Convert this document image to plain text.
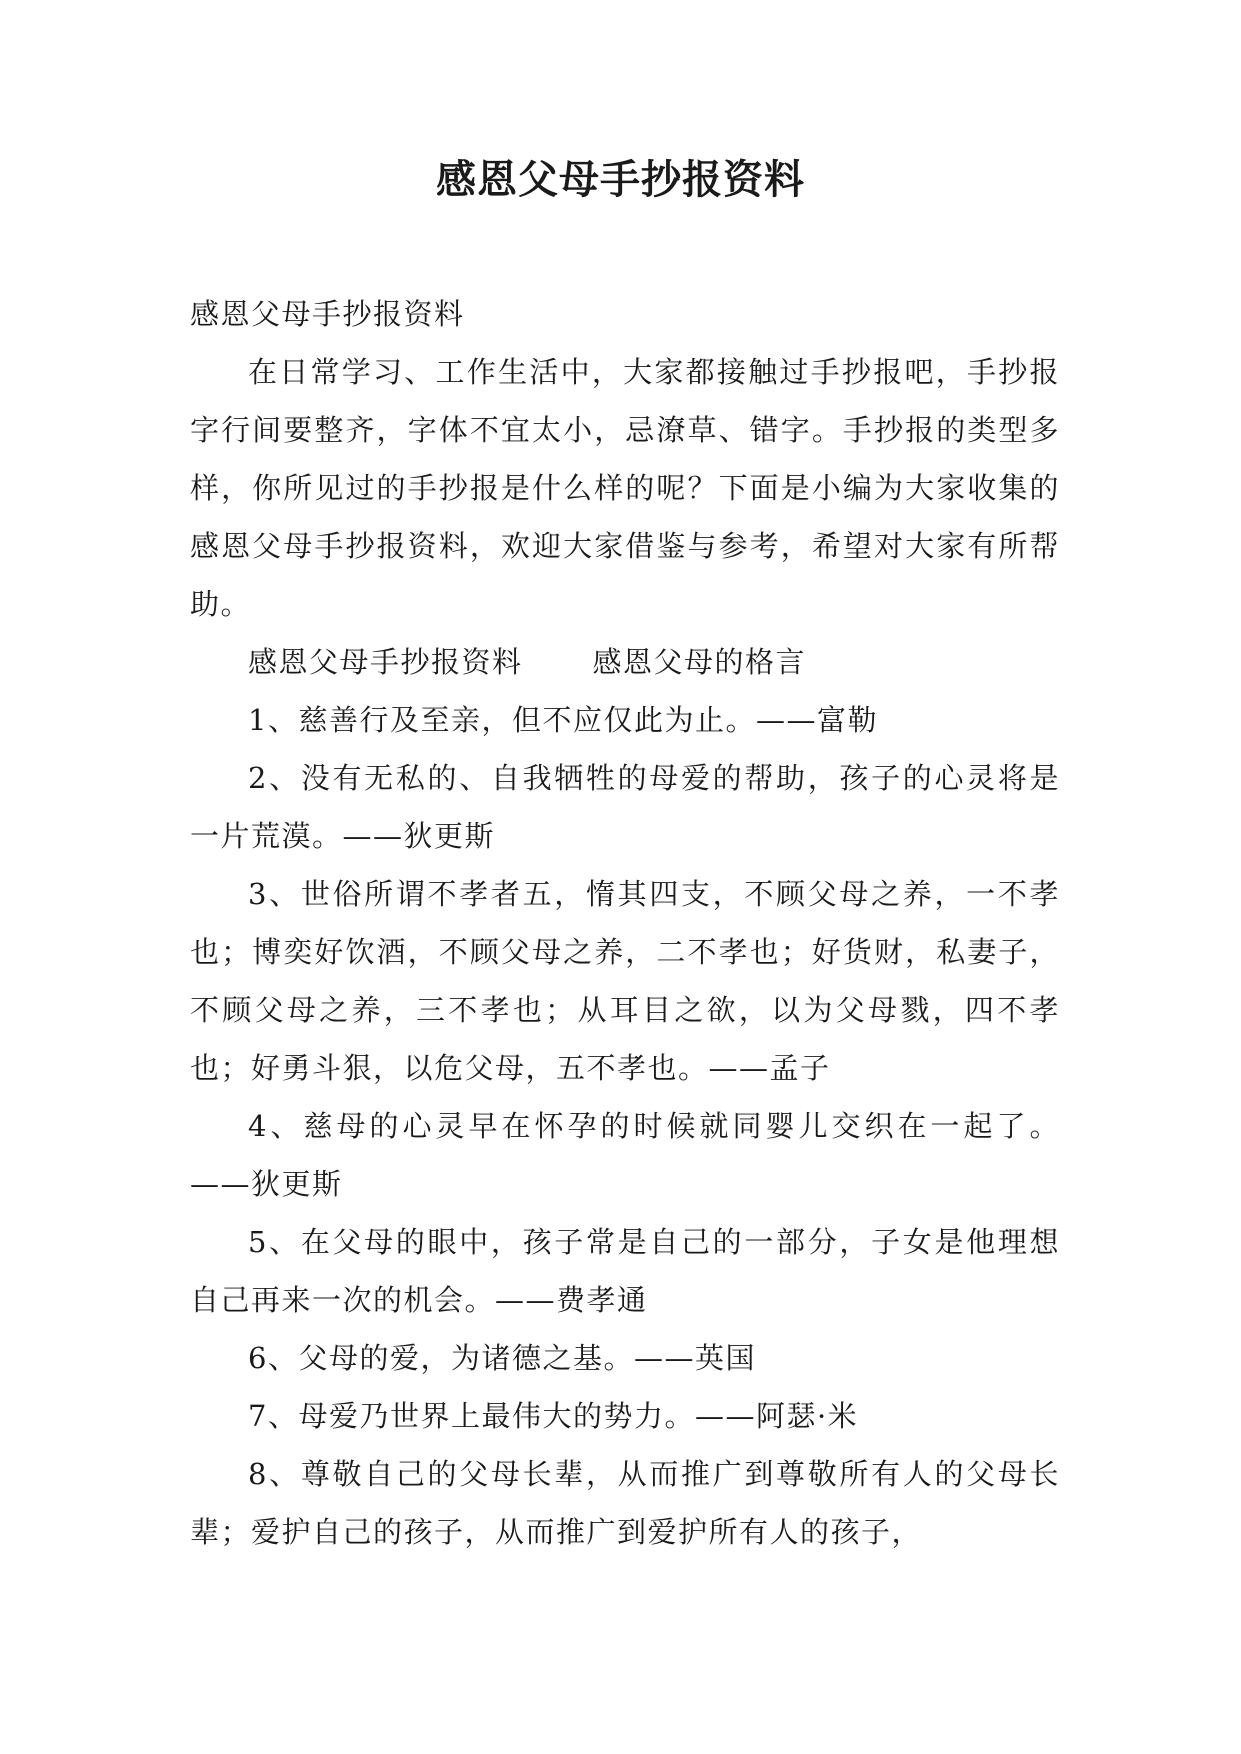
感恩父母手抄报资料

感恩父母手抄报资料

在日常学习、工作生活中，大家都接触过手抄报吧，手抄报字行间要整齐，字体不宜太小，忌潦草、错字。手抄报的类型多样，你所见过的手抄报是什么样的呢？下面是小编为大家收集的感恩父母手抄报资料，欢迎大家借鉴与参考，希望对大家有所帮助。

感恩父母手抄报资料 感恩父母的格言

1、慈善行及至亲，但不应仅此为止。——富勒

2、没有无私的、自我牺牲的母爱的帮助，孩子的心灵将是一片荒漠。——狄更斯

3、世俗所谓不孝者五，惰其四支，不顾父母之养，一不孝也；博奕好饮酒，不顾父母之养，二不孝也；好货财，私妻子，不顾父母之养，三不孝也；从耳目之欲，以为父母戮，四不孝也；好勇斗狠，以危父母，五不孝也。——孟子

4、慈母的心灵早在怀孕的时候就同婴儿交织在一起了。——狄更斯

5、在父母的眼中，孩子常是自己的一部分，子女是他理想自己再来一次的机会。——费孝通

6、父母的爱，为诸德之基。——英国

7、母爱乃世界上最伟大的势力。——阿瑟·米

8、尊敬自己的父母长辈，从而推广到尊敬所有人的父母长辈；爱护自己的孩子，从而推广到爱护所有人的孩子，
